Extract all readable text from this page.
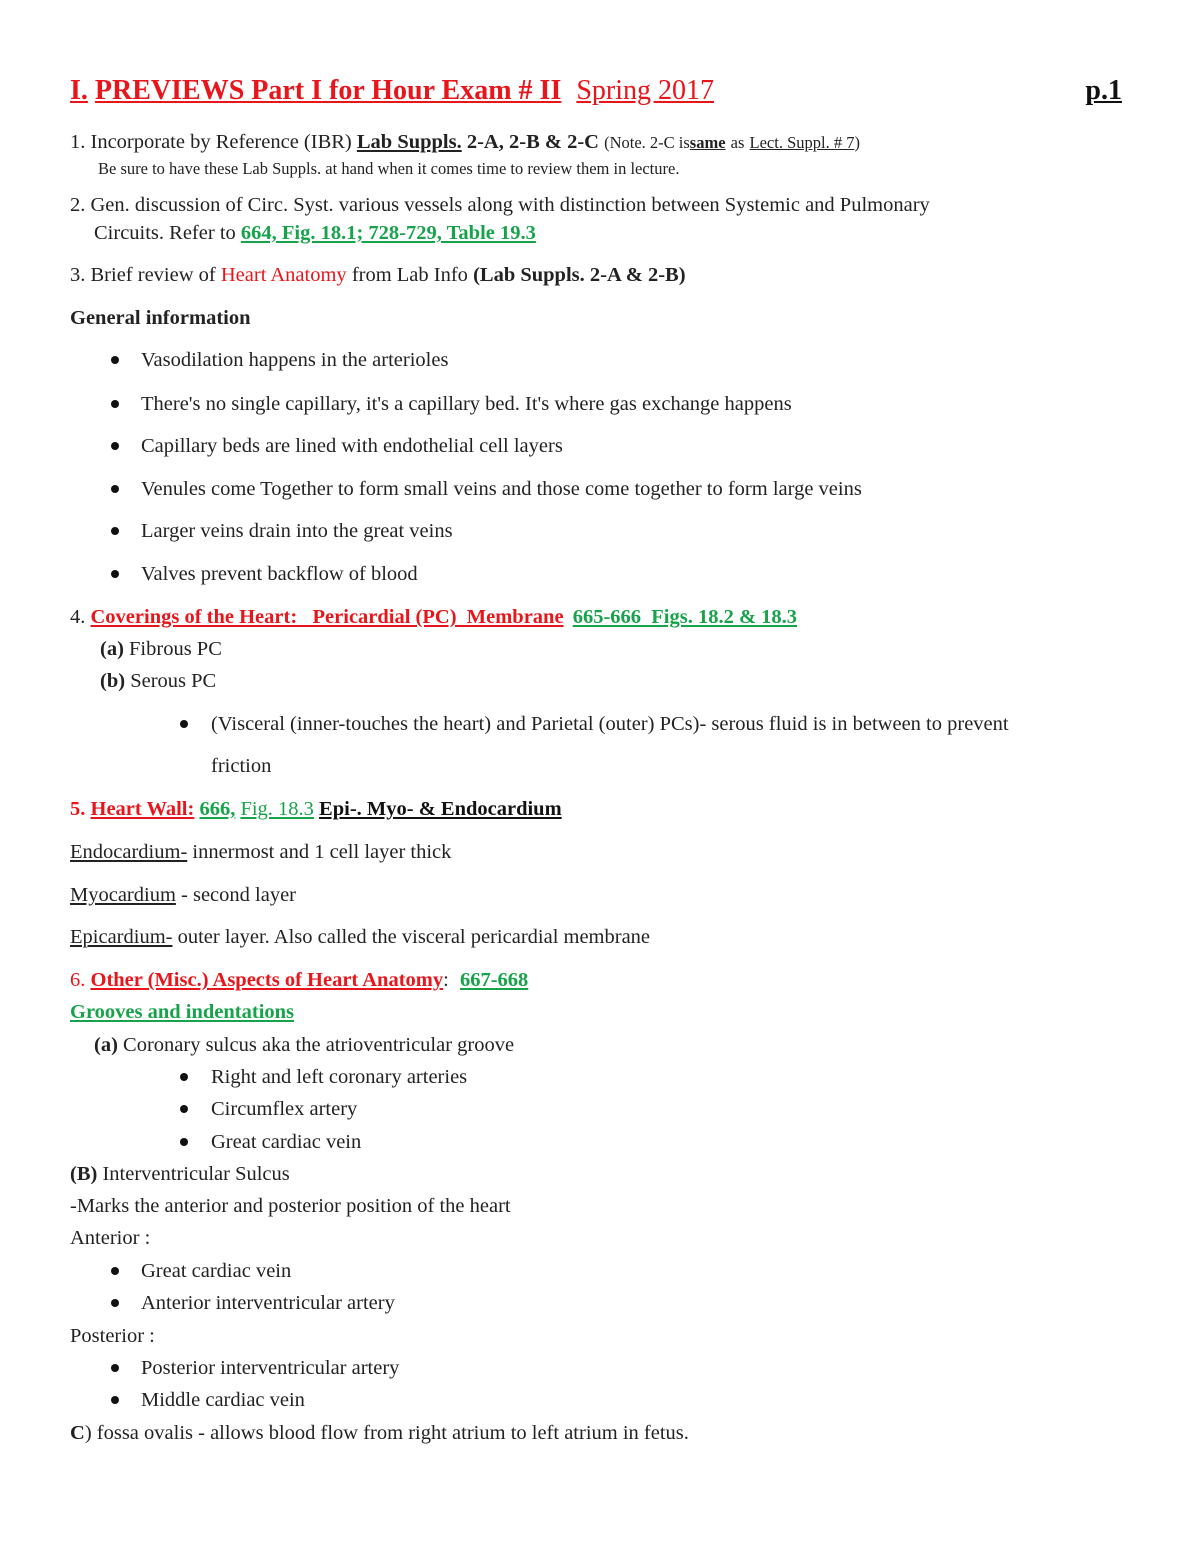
I. PREVIEWS Part I for Hour Exam # II Spring 2017	p.1
1. Incorporate by Reference (IBR) Lab Suppls. 2-A, 2-B & 2-C (Note. 2-C issame as Lect. Suppl. # 7)
Be sure to have these Lab Suppls. at hand when it comes time to review them in lecture.
2. Gen. discussion of Circ. Syst. various vessels along with distinction between Systemic and Pulmonary
Circuits. Refer to 664, Fig. 18.1; 728-729, Table 19.3
3. Brief review of Heart Anatomy from Lab Info (Lab Suppls. 2-A & 2-B)
General information
Vasodilation happens in the arterioles
There's no single capillary, it's a capillary bed. It's where gas exchange happens
Capillary beds are lined with endothelial cell layers
Venules come Together to form small veins and those come together to form large veins
Larger veins drain into the great veins
Valves prevent backflow of blood
4. Coverings of the Heart:   Pericardial (PC)  Membrane 665-666  Figs. 18.2 & 18.3
(a) Fibrous PC
(b) Serous PC
(Visceral (inner-touches the heart) and Parietal (outer) PCs)- serous fluid is in between to prevent
friction
5. Heart Wall: 666, Fig. 18.3 Epi-. Myo- & Endocardium
Endocardium- innermost and 1 cell layer thick
Myocardium - second layer
Epicardium- outer layer. Also called the visceral pericardial membrane
6. Other (Misc.) Aspects of Heart Anatomy: 667-668
Grooves and indentations
(a) Coronary sulcus aka the atrioventricular groove
Right and left coronary arteries
Circumflex artery
Great cardiac vein
(B) Interventricular Sulcus
-Marks the anterior and posterior position of the heart
Anterior :
Great cardiac vein
Anterior interventricular artery
Posterior :
Posterior interventricular artery
Middle cardiac vein
C) fossa ovalis - allows blood flow from right atrium to left atrium in fetus.
